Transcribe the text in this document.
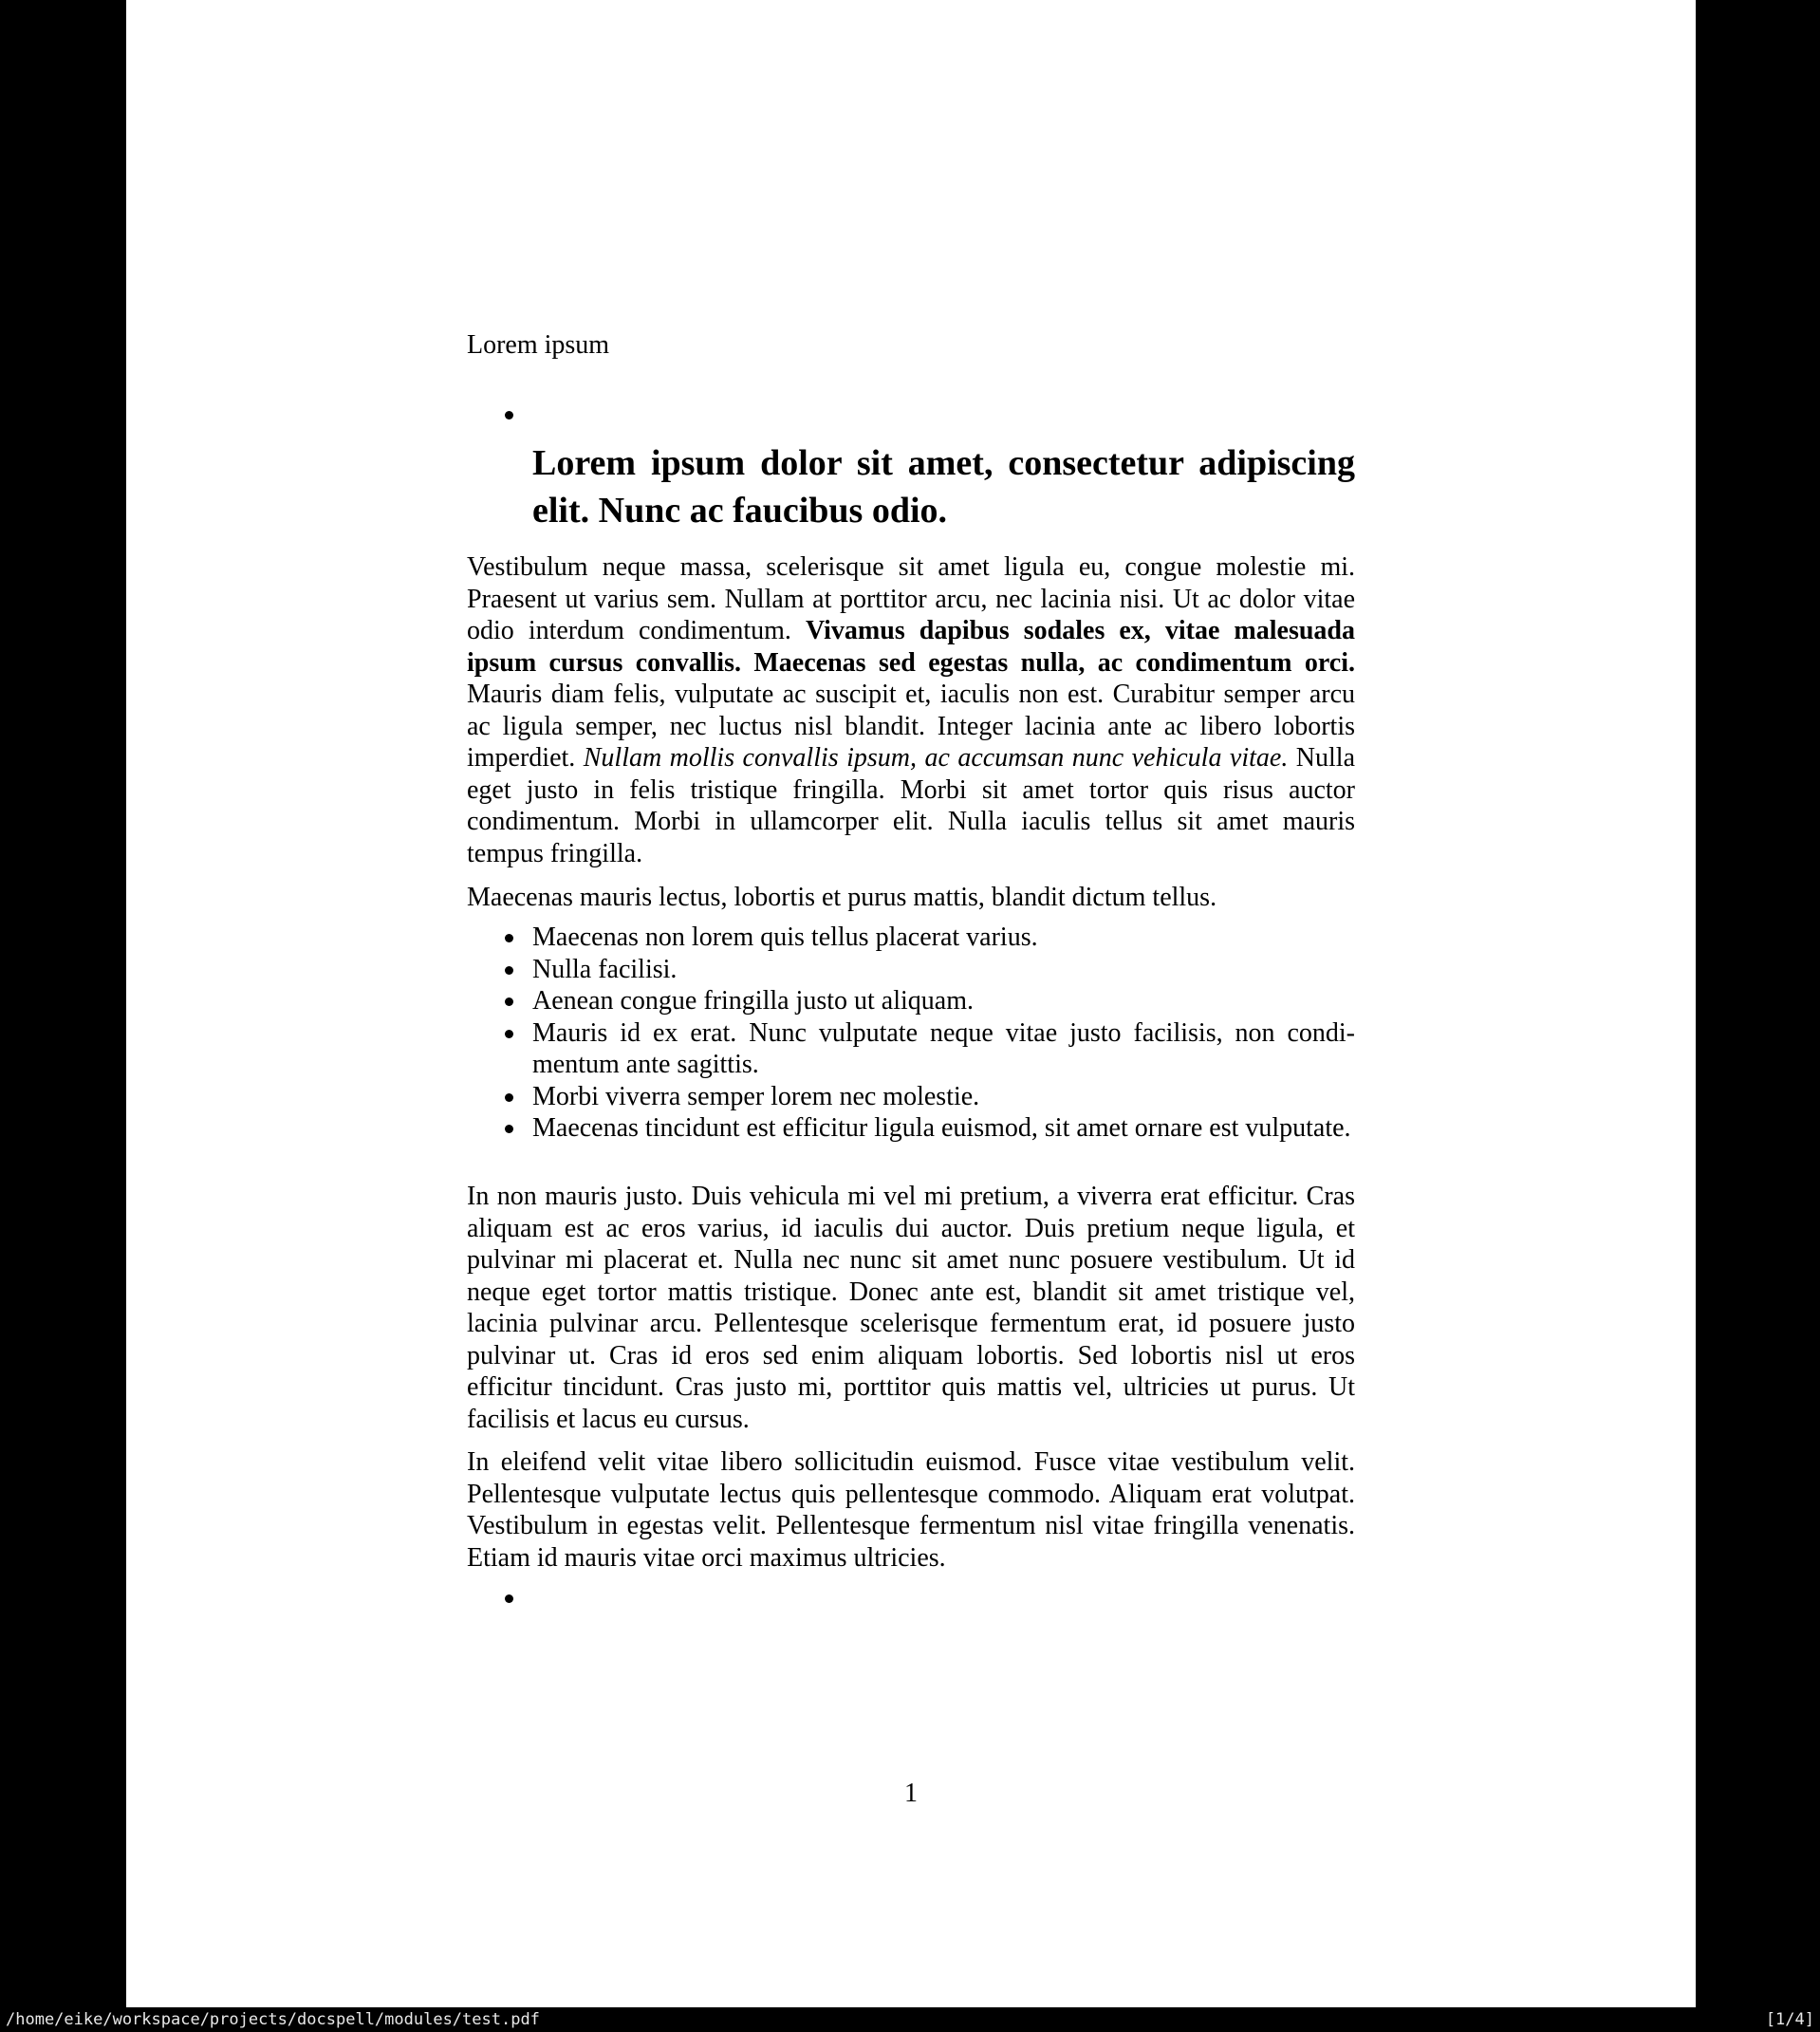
Lorem ipsum
Lorem ipsum dolor sit amet, consectetur adipiscing elit. Nunc ac faucibus odio.
Vestibulum neque massa, scelerisque sit amet ligula eu, congue molestie mi. Praesent ut varius sem. Nullam at porttitor arcu, nec lacinia nisi. Ut ac dolor vitae odio interdum condimentum. Vivamus dapibus sodales ex, vitae malesuada ipsum cursus convallis. Maecenas sed egestas nulla, ac condimentum orci. Mauris diam felis, vulputate ac suscipit et, iaculis non est. Curabitur semper arcu ac ligula semper, nec luctus nisl blandit. Integer lacinia ante ac libero lobortis imperdiet. Nullam mollis convallis ipsum, ac accumsan nunc vehicula vitae. Nulla eget justo in felis tristique fringilla. Morbi sit amet tortor quis risus auctor condimentum. Morbi in ullamcorper elit. Nulla iaculis tellus sit amet mauris tempus fringilla.
Maecenas mauris lectus, lobortis et purus mattis, blandit dictum tellus.
Maecenas non lorem quis tellus placerat varius.
Nulla facilisi.
Aenean congue fringilla justo ut aliquam.
Mauris id ex erat. Nunc vulputate neque vitae justo facilisis, non condimentum ante sagittis.
Morbi viverra semper lorem nec molestie.
Maecenas tincidunt est efficitur ligula euismod, sit amet ornare est vulputate.
In non mauris justo. Duis vehicula mi vel mi pretium, a viverra erat efficitur. Cras aliquam est ac eros varius, id iaculis dui auctor. Duis pretium neque ligula, et pulvinar mi placerat et. Nulla nec nunc sit amet nunc posuere vestibulum. Ut id neque eget tortor mattis tristique. Donec ante est, blandit sit amet tristique vel, lacinia pulvinar arcu. Pellentesque scelerisque fermentum erat, id posuere justo pulvinar ut. Cras id eros sed enim aliquam lobortis. Sed lobortis nisl ut eros efficitur tincidunt. Cras justo mi, porttitor quis mattis vel, ultricies ut purus. Ut facilisis et lacus eu cursus.
In eleifend velit vitae libero sollicitudin euismod. Fusce vitae vestibulum velit. Pellentesque vulputate lectus quis pellentesque commodo. Aliquam erat volutpat. Vestibulum in egestas velit. Pellentesque fermentum nisl vitae fringilla venenatis. Etiam id mauris vitae orci maximus ultricies.
1
/home/eike/workspace/projects/docspell/modules/test.pdf	[1/4]
